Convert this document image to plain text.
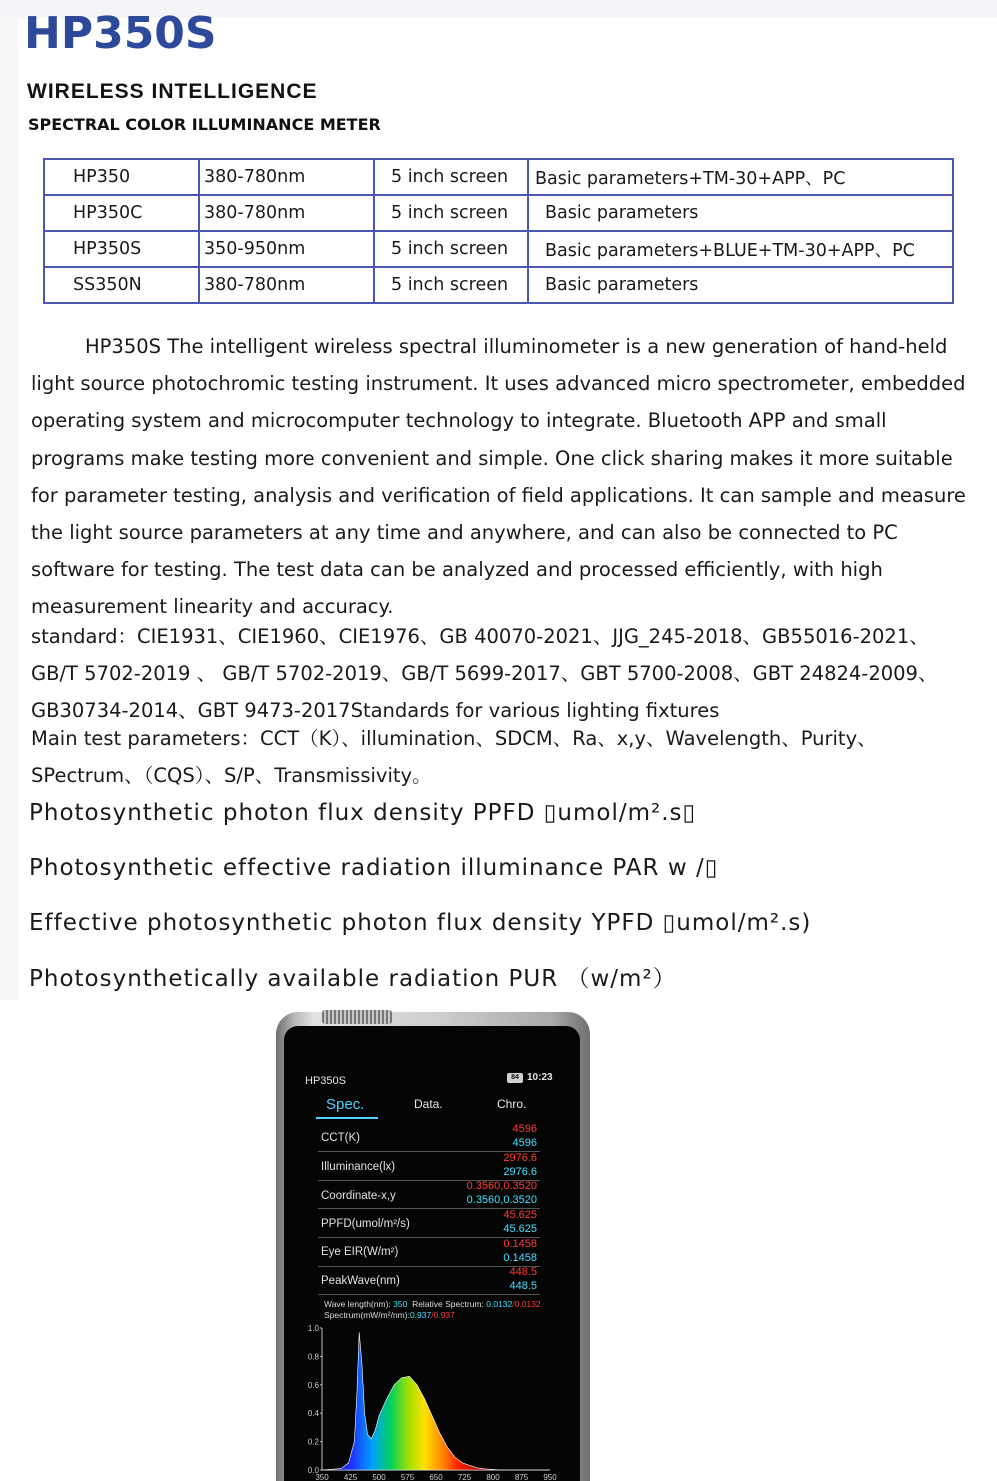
HP350S
WIRELESS INTELLIGENCE
SPECTRAL COLOR ILLUMINANCE METER
HP350	380-780nm	5 inch screen	Basic parameters+TM-30+APP、PC
HP350C	380-780nm	5 inch screen	Basic parameters
HP350S	350-950nm	5 inch screen	Basic parameters+BLUE+TM-30+APP、PC
SS350N	380-780nm	5 inch screen	Basic parameters

HP350S The intelligent wireless spectral illuminometer is a new generation of hand-held light source photochromic testing instrument. It uses advanced micro spectrometer, embedded operating system and microcomputer technology to integrate. Bluetooth APP and small programs make testing more convenient and simple. One click sharing makes it more suitable for parameter testing, analysis and verification of field applications. It can sample and measure the light source parameters at any time and anywhere, and can also be connected to PC software for testing. The test data can be analyzed and processed efficiently, with high measurement linearity and accuracy.

standard：CIE1931、CIE1960、CIE1976、GB 40070-2021、JJG_245-2018、GB55016-2021、GB/T 5702-2019 、 GB/T 5702-2019、GB/T 5699-2017、GBT 5700-2008、GBT 24824-2009、GB30734-2014、GBT 9473-2017Standards for various lighting fixtures

Main test parameters：CCT（K）、illumination、SDCM、Ra、x,y、Wavelength、Purity、SPectrum、（CQS）、S/P、Transmissivity。

Photosynthetic photon flux density PPFD ▯umol/m².s▯
Photosynthetic effective radiation illuminance PAR w /▯
Effective photosynthetic photon flux density YPFD ▯umol/m².s)
Photosynthetically available radiation PUR （w/m²）
HP350S	84 10:23
Spec.	Data.	Chro.
CCT(K)
4596
4596
Illuminance(lx)
2976.6
2976.6
Coordinate-x,y
0.3560,0.3520
0.3560,0.3520
PPFD(umol/m²/s)
45.625
45.625
Eye EIR(W/m²)
0.1458
0.1458
PeakWave(nm)
448.5
448.5
Wave length(nm): 350 Relative Spectrum: 0.0132/0.0132
Spectrum(mW/m²/nm):0.937/0.937
0.0
0.2
0.4
0.6
0.8
1.0
350 425 500 575 650 725 800 875 950
